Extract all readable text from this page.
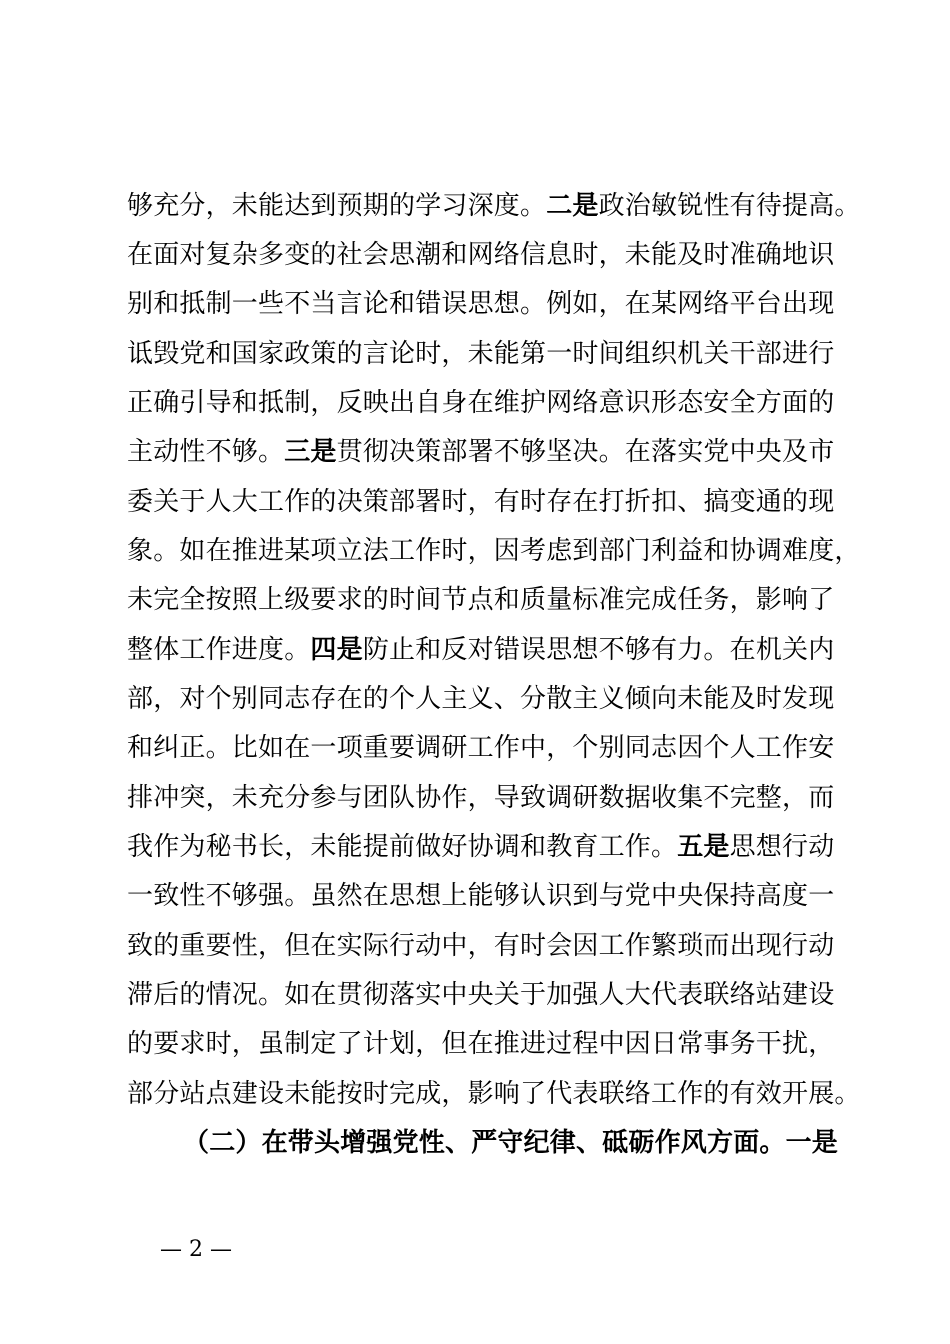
够充分，未能达到预期的学习深度。二是政治敏锐性有待提高。
在面对复杂多变的社会思潮和网络信息时，未能及时准确地识
别和抵制一些不当言论和错误思想。例如，在某网络平台出现
诋毁党和国家政策的言论时，未能第一时间组织机关干部进行
正确引导和抵制，反映出自身在维护网络意识形态安全方面的
主动性不够。三是贯彻决策部署不够坚决。在落实党中央及市
委关于人大工作的决策部署时，有时存在打折扣、搞变通的现
象。如在推进某项立法工作时，因考虑到部门利益和协调难度，
未完全按照上级要求的时间节点和质量标准完成任务，影响了
整体工作进度。四是防止和反对错误思想不够有力。在机关内
部，对个别同志存在的个人主义、分散主义倾向未能及时发现
和纠正。比如在一项重要调研工作中，个别同志因个人工作安
排冲突，未充分参与团队协作，导致调研数据收集不完整，而
我作为秘书长，未能提前做好协调和教育工作。五是思想行动
一致性不够强。虽然在思想上能够认识到与党中央保持高度一
致的重要性，但在实际行动中，有时会因工作繁琐而出现行动
滞后的情况。如在贯彻落实中央关于加强人大代表联络站建设
的要求时，虽制定了计划，但在推进过程中因日常事务干扰，
部分站点建设未能按时完成，影响了代表联络工作的有效开展。
（二）在带头增强党性、严守纪律、砥砺作风方面。一是
— 2 —
